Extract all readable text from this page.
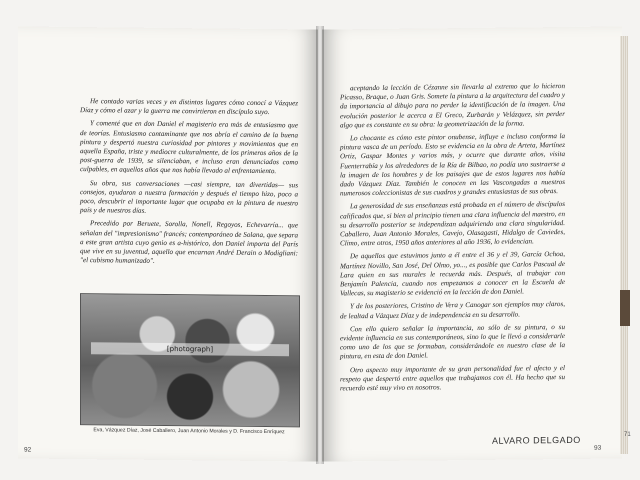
He contado varias veces y en distintos lugares cómo conocí a Vázquez Díaz y cómo el azar y la guerra me convirtieron en discípulo suyo.

Y comenté que en don Daniel el magisterio era más de entusiasmo que de teorías. Entusiasmo contaminante que nos abría el camino de la buena pintura y despertó nuestra curiosidad por pintores y movimientos que en aquella España, triste y mediocre culturalmente, de los primeros años de la post-guerra de 1939, se silenciaban, e incluso eran denunciados como culpables, en aquellos años que nos había llevado al enfrentamiento.

Su obra, sus conversaciones —casi siempre, tan divertidas— sus consejos, ayudaron a nuestra formación y después el tiempo hizo, poco a poco, descubrir el importante lugar que ocupaba en la pintura de nuestro país y de nuestros días.

Precedido por Beruete, Sorolla, Nonell, Regoyos, Echevarría... que señalan del "impresionismo" francés; contemporáneo de Solana, que separa a este gran artista cuyo genio es a-histórico, don Daniel importa del París que vive en su juventud, aquello que encarnan André Derain o Modigliani: "el cubismo humanizado".

[photograph]
Eva, Vázquez Díaz, José Caballero, Juan Antonio Morales y D. Francisco Enríquez
92

aceptando la lección de Cézanne sin llevarla al extremo que lo hicieron Picasso, Braque, o Juan Gris. Somete la pintura a la arquitectura del cuadro y da importancia al dibujo para no perder la identificación de la imagen. Una evolución posterior le acerca a El Greco, Zurbarán y Velázquez, sin perder algo que es constante en su obra: la geometrización de la forma.

Lo chocante es cómo este pintor onubense, influye e incluso conforma la pintura vasca de un período. Esto se evidencia en la obra de Arteta, Martínez Ortiz, Gaspar Montes y varios más, y ocurre que durante años, visita Fuenterrabía y los alrededores de la Ría de Bilbao, no podía uno sustraerse a la imagen de los hombres y de los paisajes que de estos lugares nos había dado Vázquez Díaz. También le conocen en las Vascongadas a nuestros numerosos coleccionistas de sus cuadros y grandes entusiastas de sus obras.

La generosidad de sus enseñanzas está probada en el número de discípulos calificados que, si bien al principio tienen una clara influencia del maestro, en su desarrollo posterior se independizan adquiriendo una clara singularidad. Caballero, Juan Antonio Morales, Cavejo, Olasagasti, Hidalgo de Caviedes, Climo, entre otros, 1950 años anteriores al año 1936, lo evidencian.

De aquellos que estuvimos junto a él entre el 36 y el 39, García Ochoa, Martínez Novillo, San José, Del Olmo, yo..., es posible que Carlos Pascual de Lara quien en sus murales le recuerda más. Después, al trabajar con Benjamín Palencia, cuando nos empezamos a conocer en la Escuela de Vallecas, su magisterio se evidenció en la lección de don Daniel.

Y de los posteriores, Cristino de Vera y Canogar son ejemplos muy claros, de lealtad a Vázquez Díaz y de independencia en su desarrollo.

Con ello quiero señalar la importancia, no sólo de su pintura, o su evidente influencia en sus contemporáneos, sino lo que le llevó a considerarle como uno de los que se formaban, considerándole en nuestro clase de la pintura, en esta de don Daniel.

Otro aspecto muy importante de su gran personalidad fue el afecto y el respeto que despertó entre aquellos que trabajamos con él. Ha hecho que su recuerdo esté muy vivo en nosotros.

ALVARO DELGADO
93
71
